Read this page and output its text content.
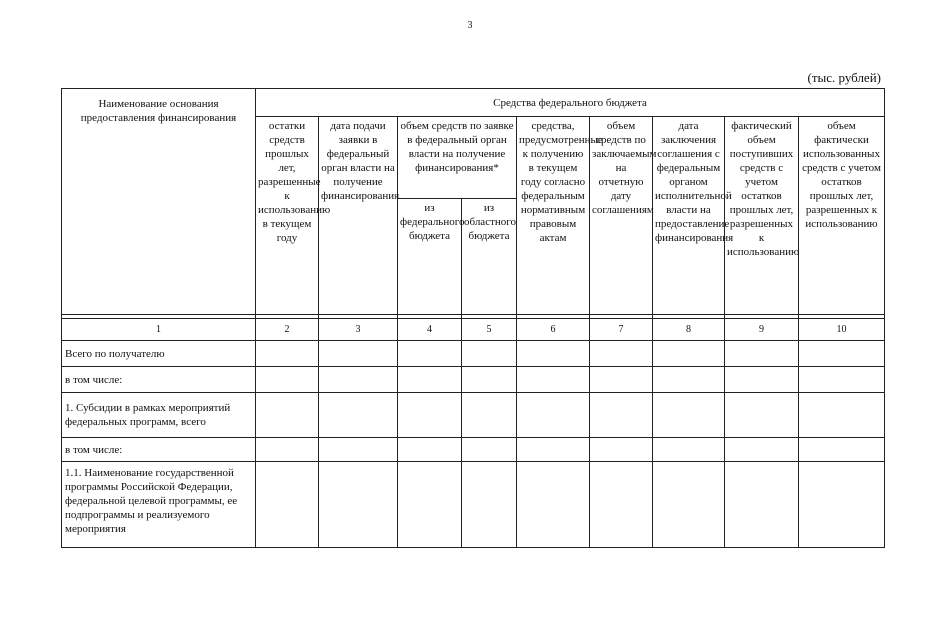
3
(тыс. рублей)
Наименование основания предоставления финансирования	Средства федерального бюджета								
	остатки средств прошлых лет, разрешенные к использованию в текущем году	дата подачи заявки в федеральный орган власти на получение финансирования	объем средств по заявке в федеральный орган власти на получение финансирования*		средства, предусмотренные к получению в текущем году согласно федеральным нормативным правовым актам	объем средств по заключаемым на отчетную дату соглашениям	дата заключения соглашения с федеральным органом исполнительной власти на предоставление финансирования	фактический объем поступивших средств с учетом остатков прошлых лет, разрешенных к использованию	объем фактически использованных средств с учетом остатков прошлых лет, разрешенных к использованию
			из федерального бюджета	из областного бюджета					

1	2	3	4	5	6	7	8	9	10
Всего по получателю									
в том числе:									
1. Субсидии в рамках мероприятий федеральных программ, всего									
в том числе:									
1.1. Наименование государственной программы Российской Федерации, федеральной целевой программы, ее подпрограммы и реализуемого мероприятия									
